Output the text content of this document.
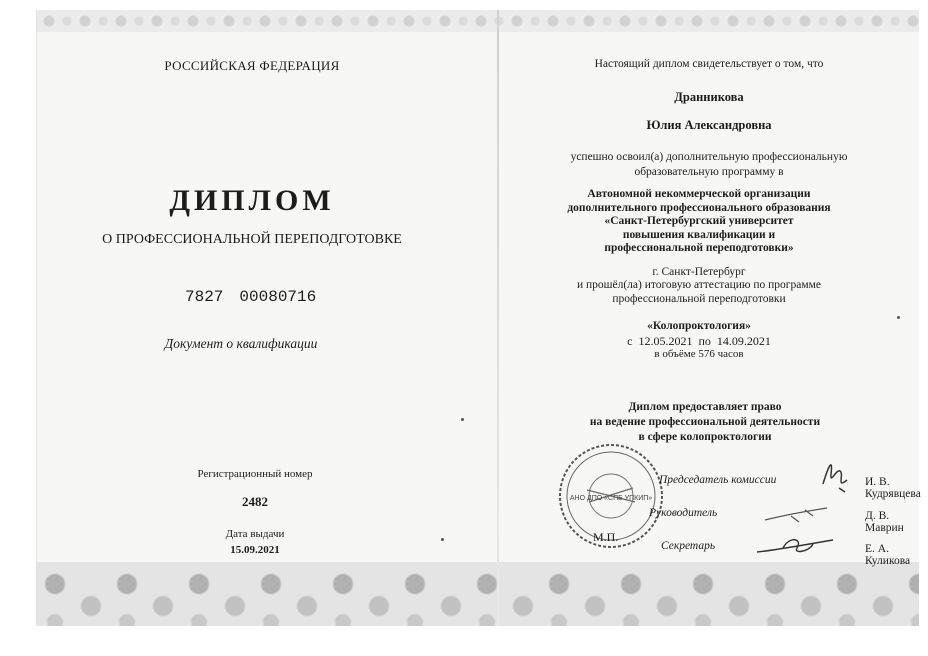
РОССИЙСКАЯ ФЕДЕРАЦИЯ
ДИПЛОМ
О ПРОФЕССИОНАЛЬНОЙ ПЕРЕПОДГОТОВКЕ
7827 00080716
Документ о квалификации
Регистрационный номер
2482
Дата выдачи
15.09.2021
Настоящий диплом свидетельствует о том, что
Дранникова
Юлия Александровна
успешно освоил(а) дополнительную профессиональную
образовательную программу в
Автономной некоммерческой организации
дополнительного профессионального образования
«Санкт-Петербургский университет
повышения квалификации и
профессиональной переподготовки»
г. Санкт-Петербург
и прошёл(ла) итоговую аттестацию по программе
профессиональной переподготовки
«Колопроктология»
с 12.05.2021 по 14.09.2021
в объёме 576 часов
Диплом предоставляет право
на ведение профессиональной деятельности
в сфере колопроктологии
АНО ДПО «СПБ УПКИП»
М.П.
Председатель комиссии	И. В. Кудрявцева
Руководитель	Д. В. Маврин
Секретарь	Е. А. Куликова
